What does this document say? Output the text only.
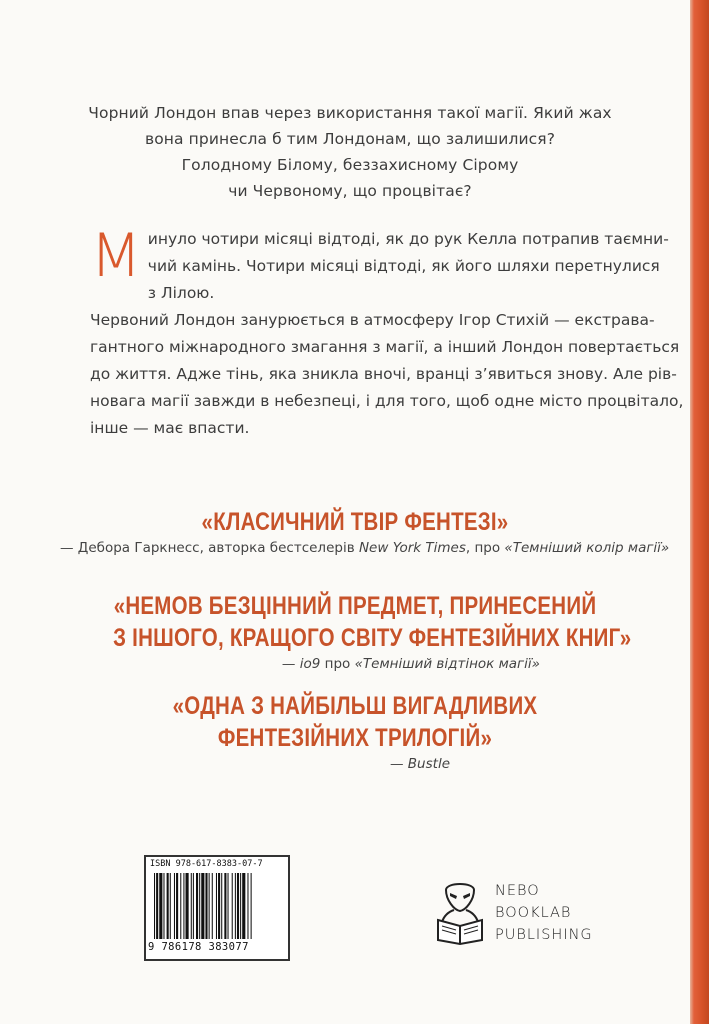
Чорний Лондон впав через використання такої магії. Який жах
вона принесла б тим Лондонам, що залишилися?
Голодному Білому, беззахисному Сірому
чи Червоному, що процвітає?
М инуло чотири місяці відтоді, як до рук Келла потрапив таємни-
чий камінь. Чотири місяці відтоді, як його шляхи перетнулися
з Лілою.
Червоний Лондон занурюється в атмосферу Ігор Стихій — екстрава-
гантного міжнародного змагання з магії, а інший Лондон повертається
до життя. Адже тінь, яка зникла вночі, вранці з’явиться знову. Але рів-
новага магії завжди в небезпеці, і для того, щоб одне місто процвітало,
інше — має впасти.
«КЛАСИЧНИЙ ТВІР ФЕНТЕЗІ»
— Дебора Гаркнесс, авторка бестселерів New York Times, про «Темніший колір магії»
«НЕМОВ БЕЗЦІННИЙ ПРЕДМЕТ, ПРИНЕСЕНИЙ
З ІНШОГО, КРАЩОГО СВІТУ ФЕНТЕЗІЙНИХ КНИГ»
— io9 про «Темніший відтінок магії»
«ОДНА З НАЙБІЛЬШ ВИГАДЛИВИХ
ФЕНТЕЗІЙНИХ ТРИЛОГІЙ»
— Bustle
ISBN 978-617-8383-07-7
9 786178 383077
NEBO
BOOKLAB
PUBLISHING
